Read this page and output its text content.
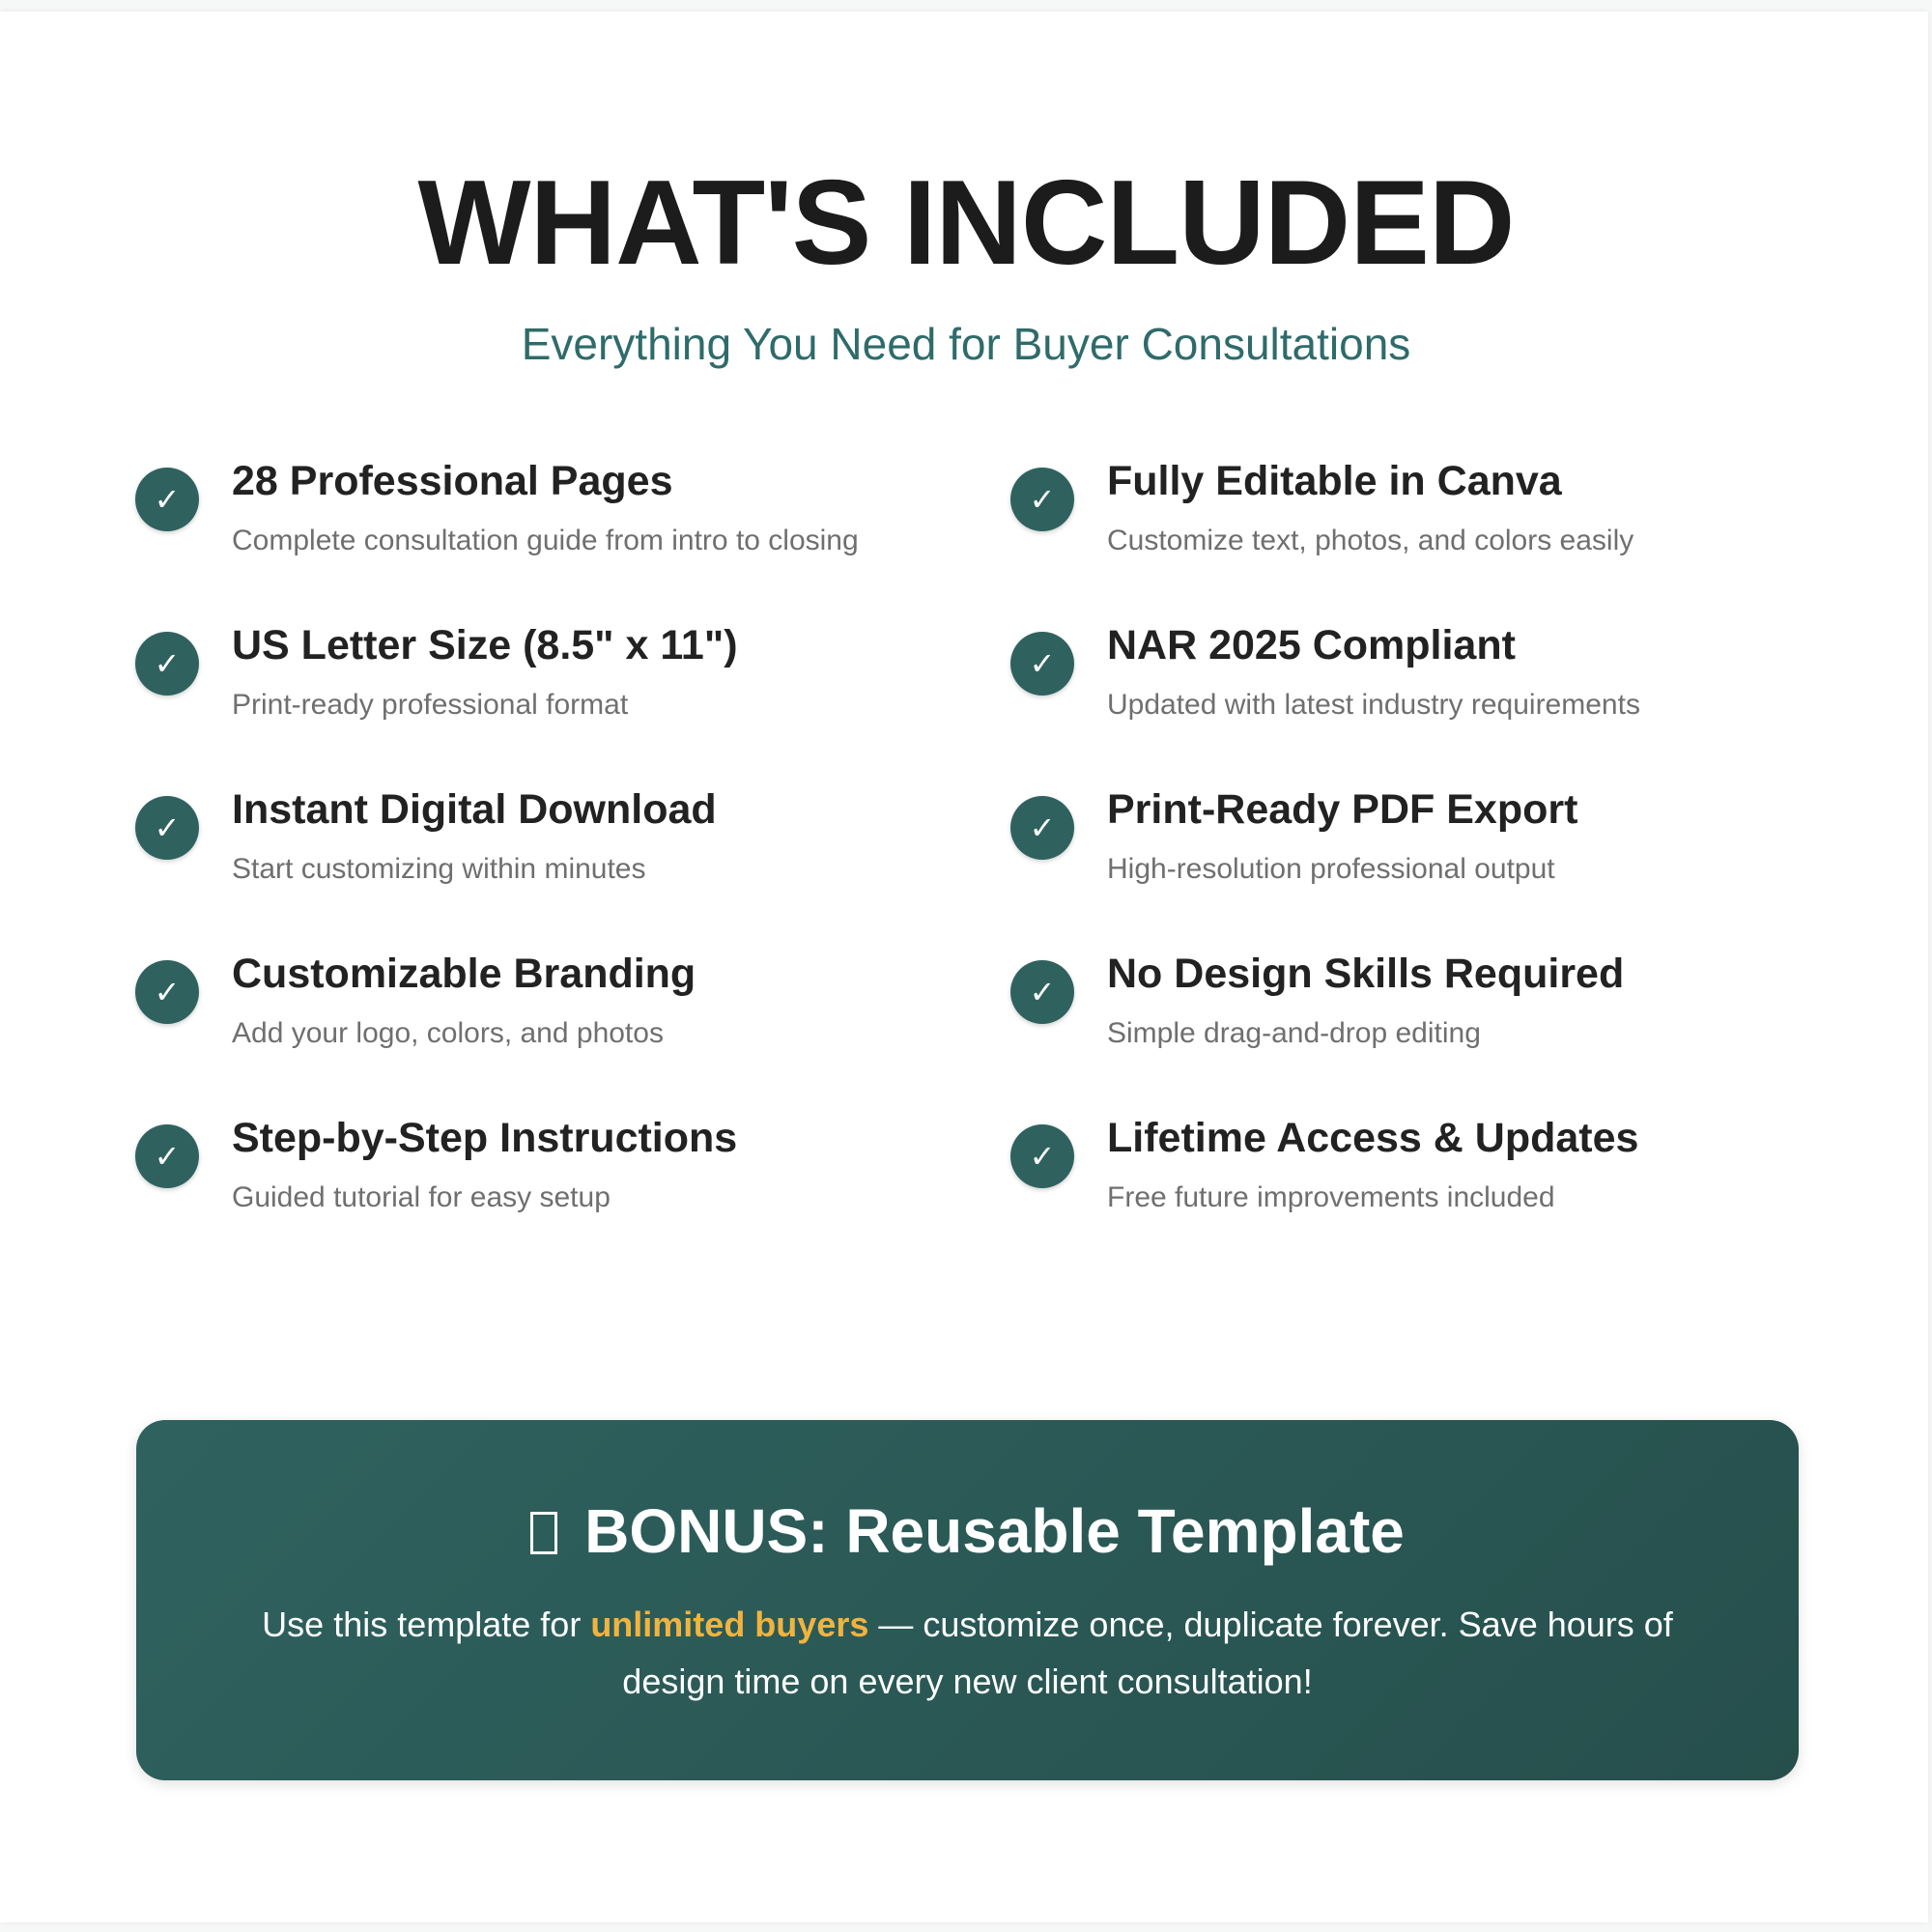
WHAT'S INCLUDED
Everything You Need for Buyer Consultations
✓	28 Professional Pages
Complete consultation guide from intro to closing
✓	Fully Editable in Canva
Customize text, photos, and colors easily
✓	US Letter Size (8.5" x 11")
Print-ready professional format
✓	NAR 2025 Compliant
Updated with latest industry requirements
✓	Instant Digital Download
Start customizing within minutes
✓	Print-Ready PDF Export
High-resolution professional output
✓	Customizable Branding
Add your logo, colors, and photos
✓	No Design Skills Required
Simple drag-and-drop editing
✓	Step-by-Step Instructions
Guided tutorial for easy setup
✓	Lifetime Access & Updates
Free future improvements included
BONUS: Reusable Template
Use this template for unlimited buyers — customize once, duplicate forever. Save hours of design time on every new client consultation!
